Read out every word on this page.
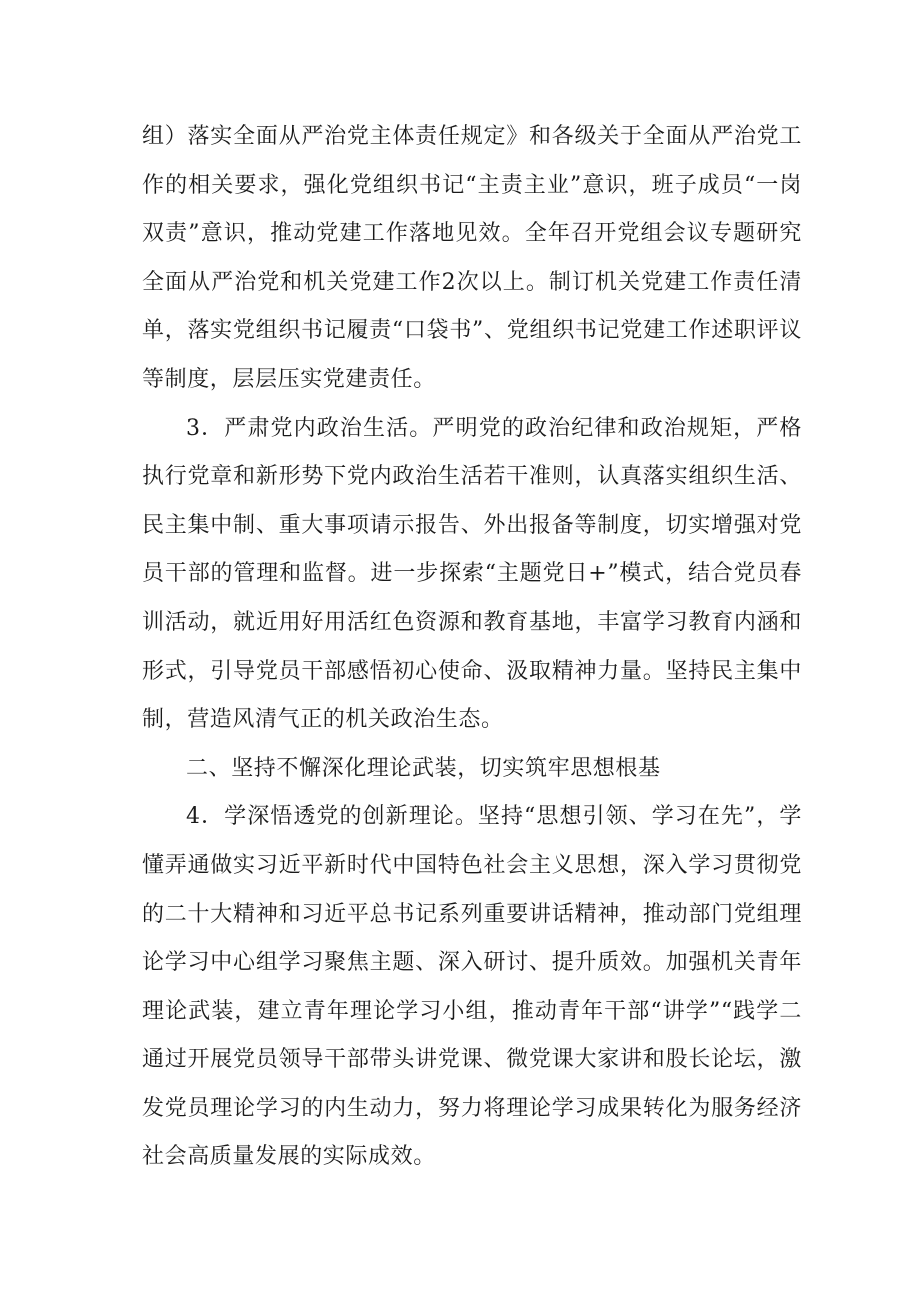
组）落实全面从严治党主体责任规定》和各级关于全面从严治党工作的相关要求，强化党组织书记“主责主业”意识，班子成员“一岗双责”意识，推动党建工作落地见效。全年召开党组会议专题研究全面从严治党和机关党建工作2次以上。制订机关党建工作责任清单，落实党组织书记履责“口袋书”、党组织书记党建工作述职评议等制度，层层压实党建责任。

3．严肃党内政治生活。严明党的政治纪律和政治规矩，严格执行党章和新形势下党内政治生活若干准则，认真落实组织生活、民主集中制、重大事项请示报告、外出报备等制度，切实增强对党员干部的管理和监督。进一步探索“主题党日+”模式，结合党员春训活动，就近用好用活红色资源和教育基地，丰富学习教育内涵和形式，引导党员干部感悟初心使命、汲取精神力量。坚持民主集中制，营造风清气正的机关政治生态。

二、坚持不懈深化理论武装，切实筑牢思想根基

4．学深悟透党的创新理论。坚持“思想引领、学习在先”，学懂弄通做实习近平新时代中国特色社会主义思想，深入学习贯彻党的二十大精神和习近平总书记系列重要讲话精神，推动部门党组理论学习中心组学习聚焦主题、深入研讨、提升质效。加强机关青年理论武装，建立青年理论学习小组，推动青年干部“讲学”“践学二通过开展党员领导干部带头讲党课、微党课大家讲和股长论坛，激发党员理论学习的内生动力，努力将理论学习成果转化为服务经济社会高质量发展的实际成效。
